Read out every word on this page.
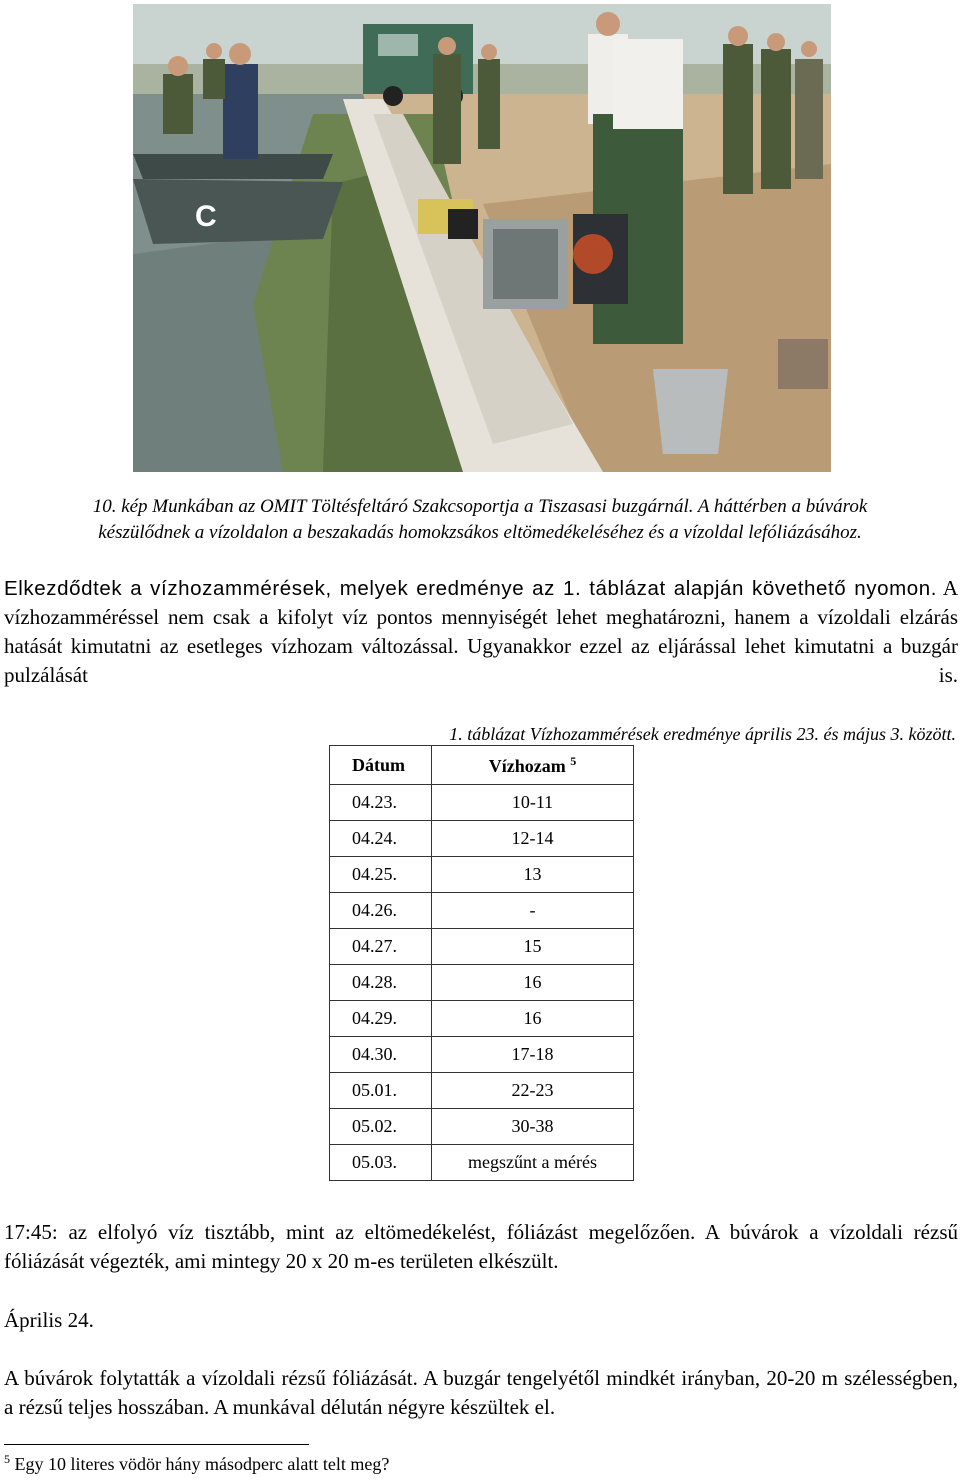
C
10. kép Munkában az OMIT Töltésfeltáró Szakcsoportja a Tiszasasi buzgárnál. A háttérben a búvárok
készülődnek a vízoldalon a beszakadás homokzsákos eltömedékeléséhez és a vízoldal lefóliázásához.
Elkezdődtek a vízhozammérések, melyek eredménye az 1. táblázat alapján követhető nyomon. A vízhozamméréssel nem csak a kifolyt víz pontos mennyiségét lehet meghatározni, hanem a vízoldali elzárás hatását kimutatni az esetleges vízhozam változással. Ugyanakkor ezzel az eljárással lehet kimutatni a buzgár pulzálását is.
1. táblázat Vízhozammérések eredménye április 23. és május 3. között.
Dátum	Vízhozam $^5$
04.23.	10-11
04.24.	12-14
04.25.	13
04.26.	-
04.27.	15
04.28.	16
04.29.	16
04.30.	17-18
05.01.	22-23
05.02.	30-38
05.03.	megszűnt a mérés
17:45: az elfolyó víz tisztább, mint az eltömedékelést, fóliázást megelőzően. A búvárok a vízoldali rézsű fóliázását végezték, ami mintegy 20 x 20 m-es területen elkészült.
Április 24.
A búvárok folytatták a vízoldali rézsű fóliázását. A buzgár tengelyétől mindkét irányban, 20-20 m szélességben, a rézsű teljes hosszában. A munkával délután négyre készültek el.
$^5$ Egy 10 literes vödör hány másodperc alatt telt meg?
